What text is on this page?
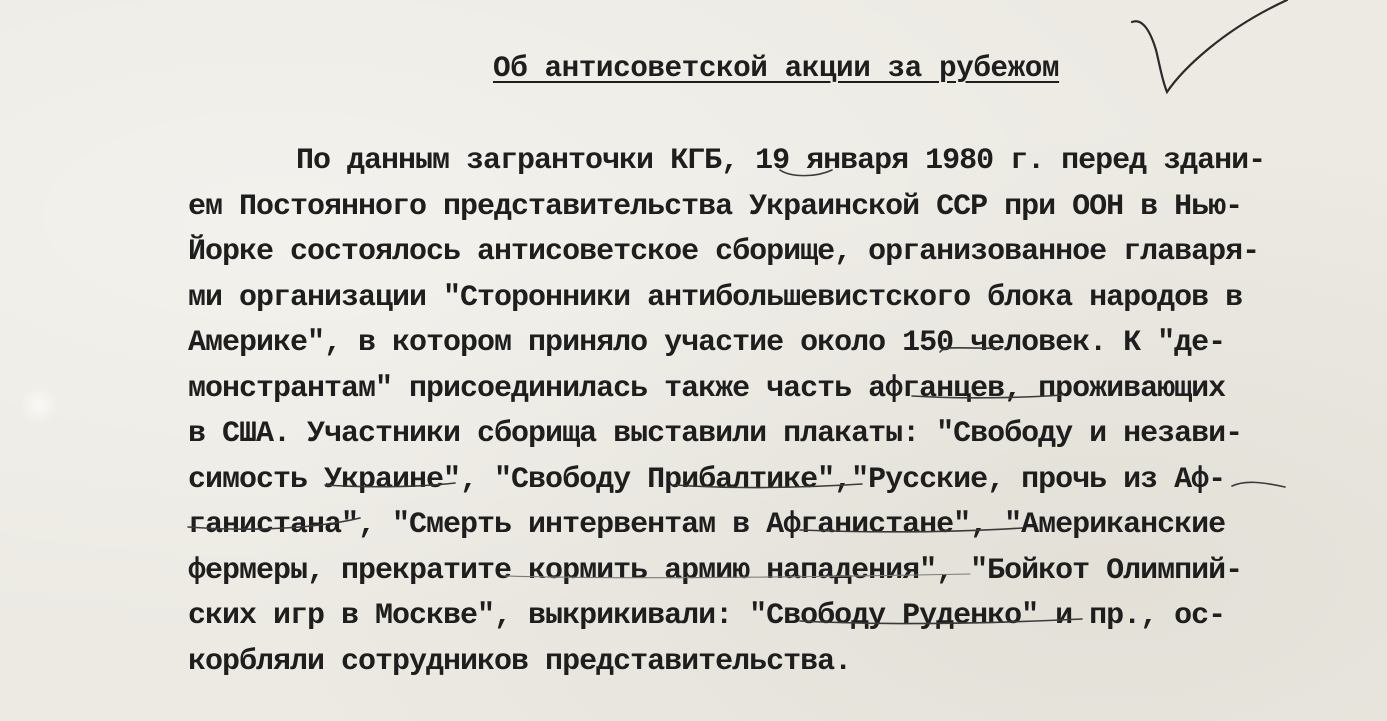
Об антисоветской акции за рубежом
По данным загранточки КГБ, 19 января 1980 г. перед здани-
ем Постоянного представительства Украинской ССР при ООН в Нью-
Йорке состоялось антисоветское сборище, организованное главаря-
ми организации "Сторонники антибольшевистского блока народов в
Америке", в котором приняло участие около 150 человек. К "де-
монстрантам" присоединилась также часть афганцев, проживающих
в США. Участники сборища выставили плакаты: "Свободу и незави-
симость Украине", "Свободу Прибалтике","Русские, прочь из Аф-
ганистана", "Смерть интервентам в Афганистане", "Американские
фермеры, прекратите кормить армию нападения", "Бойкот Олимпий-
ских игр в Москве", выкрикивали: "Свободу Руденко" и пр., ос-
корбляли сотрудников представительства.
